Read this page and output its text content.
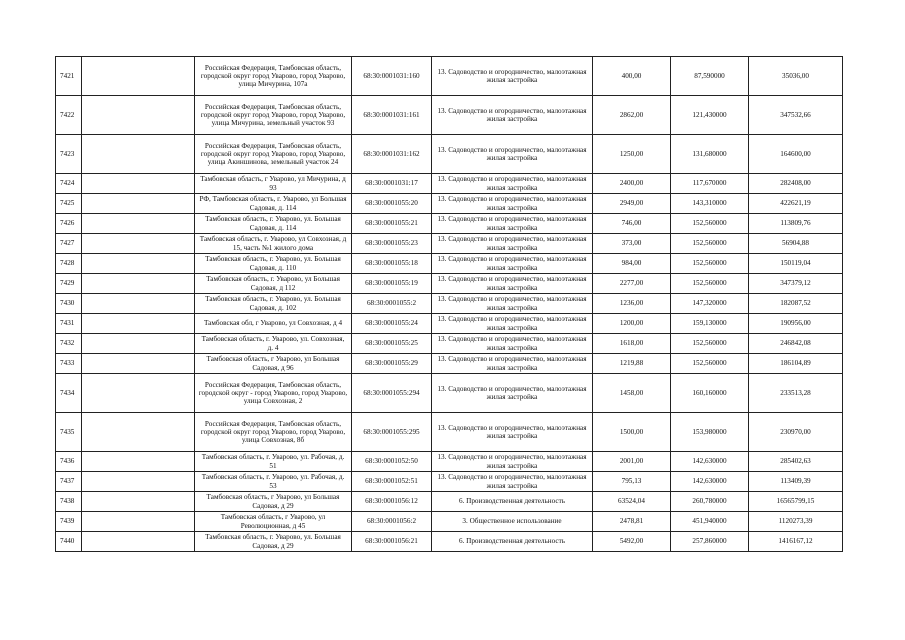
7421		Российская Федерация, Тамбовская область, городской округ город Уварово, город Уварово, улица Мичурина, 107а	68:30:0001031:160	13. Садоводство и огородничество, малоэтажная жилая застройка	400,00	87,590000	35036,00
7422		Российская Федерация, Тамбовская область, городской округ город Уварово, город Уварово, улица Мичурина, земельный участок 93	68:30:0001031:161	13. Садоводство и огородничество, малоэтажная жилая застройка	2862,00	121,430000	347532,66
7423		Российская Федерация, Тамбовская область, городской округ город Уварово, город Уварово, улица Акиншинова, земельный участок 24	68:30:0001031:162	13. Садоводство и огородничество, малоэтажная жилая застройка	1250,00	131,680000	164600,00
7424		Тамбовская область, г Уварово, ул Мичурина, д 93	68:30:0001031:17	13. Садоводство и огородничество, малоэтажная жилая застройка	2400,00	117,670000	282408,00
7425		РФ, Тамбовская область, г. Уварово, ул Большая Садовая, д. 114	68:30:0001055:20	13. Садоводство и огородничество, малоэтажная жилая застройка	2949,00	143,310000	422621,19
7426		Тамбовская область, г. Уварово, ул. Большая Садовая, д. 114	68:30:0001055:21	13. Садоводство и огородничество, малоэтажная жилая застройка	746,00	152,560000	113809,76
7427		Тамбовская область, г. Уварово, ул Совхозная, д 15, часть №1 жилого дома	68:30:0001055:23	13. Садоводство и огородничество, малоэтажная жилая застройка	373,00	152,560000	56904,88
7428		Тамбовская область, г. Уварово, ул. Большая Садовая, д. 110	68:30:0001055:18	13. Садоводство и огородничество, малоэтажная жилая застройка	984,00	152,560000	150119,04
7429		Тамбовская область, г. Уварово, ул Большая Садовая, д 112	68:30:0001055:19	13. Садоводство и огородничество, малоэтажная жилая застройка	2277,00	152,560000	347379,12
7430		Тамбовская область, г. Уварово, ул. Большая Садовая, д. 102	68:30:0001055:2	13. Садоводство и огородничество, малоэтажная жилая застройка	1236,00	147,320000	182087,52
7431		Тамбовская обл, г Уварово, ул Совхозная, д 4	68:30:0001055:24	13. Садоводство и огородничество, малоэтажная жилая застройка	1200,00	159,130000	190956,00
7432		Тамбовская область, г. Уварово, ул. Совхозная, д. 4	68:30:0001055:25	13. Садоводство и огородничество, малоэтажная жилая застройка	1618,00	152,560000	246842,08
7433		Тамбовская область, г Уварово, ул Большая Садовая, д 96	68:30:0001055:29	13. Садоводство и огородничество, малоэтажная жилая застройка	1219,88	152,560000	186104,89
7434		Российская Федерация, Тамбовская область, городской округ - город Уварово, город Уварово, улица Совхозная, 2	68:30:0001055:294	13. Садоводство и огородничество, малоэтажная жилая застройка	1458,00	160,160000	233513,28
7435		Российская Федерация, Тамбовская область, городской округ город Уварово, город Уварово, улица Совхозная, 8б	68:30:0001055:295	13. Садоводство и огородничество, малоэтажная жилая застройка	1500,00	153,980000	230970,00
7436		Тамбовская область, г. Уварово, ул. Рабочая, д. 51	68:30:0001052:50	13. Садоводство и огородничество, малоэтажная жилая застройка	2001,00	142,630000	285402,63
7437		Тамбовская область, г. Уварово, ул. Рабочая, д. 53	68:30:0001052:51	13. Садоводство и огородничество, малоэтажная жилая застройка	795,13	142,630000	113409,39
7438		Тамбовская область, г Уварово, ул Большая Садовая, д 29	68:30:0001056:12	6. Производственная деятельность	63524,04	260,780000	16565799,15
7439		Тамбовская область, г Уварово, ул Революционная, д 45	68:30:0001056:2	3. Общественное использование	2478,81	451,940000	1120273,39
7440		Тамбовская область, г. Уварово, ул. Большая Садовая, д 29	68:30:0001056:21	6. Производственная деятельность	5492,00	257,860000	1416167,12
